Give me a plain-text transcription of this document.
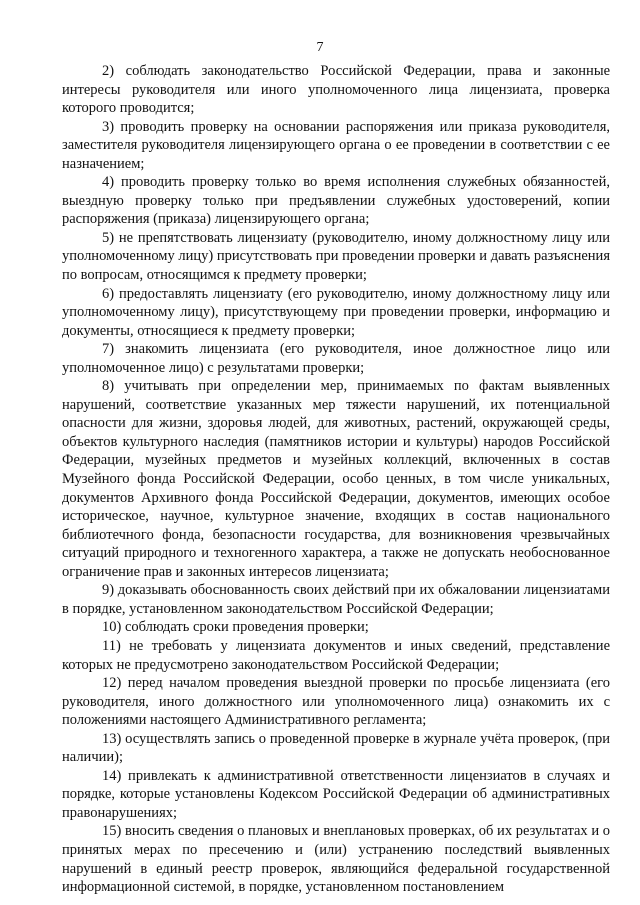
7

2) соблюдать законодательство Российской Федерации, права и законные интересы руководителя или иного уполномоченного лица лицензиата, проверка которого проводится;

3) проводить проверку на основании распоряжения или приказа руководителя, заместителя руководителя лицензирующего органа о ее проведении в соответствии с ее назначением;

4) проводить проверку только во время исполнения служебных обязанностей, выездную проверку только при предъявлении служебных удостоверений, копии распоряжения (приказа) лицензирующего органа;

5) не препятствовать лицензиату (руководителю, иному должностному лицу или уполномоченному лицу) присутствовать при проведении проверки и давать разъяснения по вопросам, относящимся к предмету проверки;

6) предоставлять лицензиату (его руководителю, иному должностному лицу или уполномоченному лицу), присутствующему при проведении проверки, информацию и документы, относящиеся к предмету проверки;

7) знакомить лицензиата (его руководителя, иное должностное лицо или уполномоченное лицо) с результатами проверки;

8) учитывать при определении мер, принимаемых по фактам выявленных нарушений, соответствие указанных мер тяжести нарушений, их потенциальной опасности для жизни, здоровья людей, для животных, растений, окружающей среды, объектов культурного наследия (памятников истории и культуры) народов Российской Федерации, музейных предметов и музейных коллекций, включенных в состав Музейного фонда Российской Федерации, особо ценных, в том числе уникальных, документов Архивного фонда Российской Федерации, документов, имеющих особое историческое, научное, культурное значение, входящих в состав национального библиотечного фонда, безопасности государства, для возникновения чрезвычайных ситуаций природного и техногенного характера, а также не допускать необоснованное ограничение прав и законных интересов лицензиата;

9) доказывать обоснованность своих действий при их обжаловании лицензиатами в порядке, установленном законодательством Российской Федерации;

10) соблюдать сроки проведения проверки;

11) не требовать у лицензиата документов и иных сведений, представление которых не предусмотрено законодательством Российской Федерации;

12) перед началом проведения выездной проверки по просьбе лицензиата (его руководителя, иного должностного или уполномоченного лица) ознакомить их с положениями настоящего Административного регламента;

13) осуществлять запись о проведенной проверке в журнале учёта проверок, (при наличии);

14) привлекать к административной ответственности лицензиатов в случаях и порядке, которые установлены Кодексом Российской Федерации об административных правонарушениях;

15) вносить сведения о плановых и внеплановых проверках, об их результатах и о принятых мерах по пресечению и (или) устранению последствий выявленных нарушений в единый реестр проверок, являющийся федеральной государственной информационной системой, в порядке, установленном постановлением
